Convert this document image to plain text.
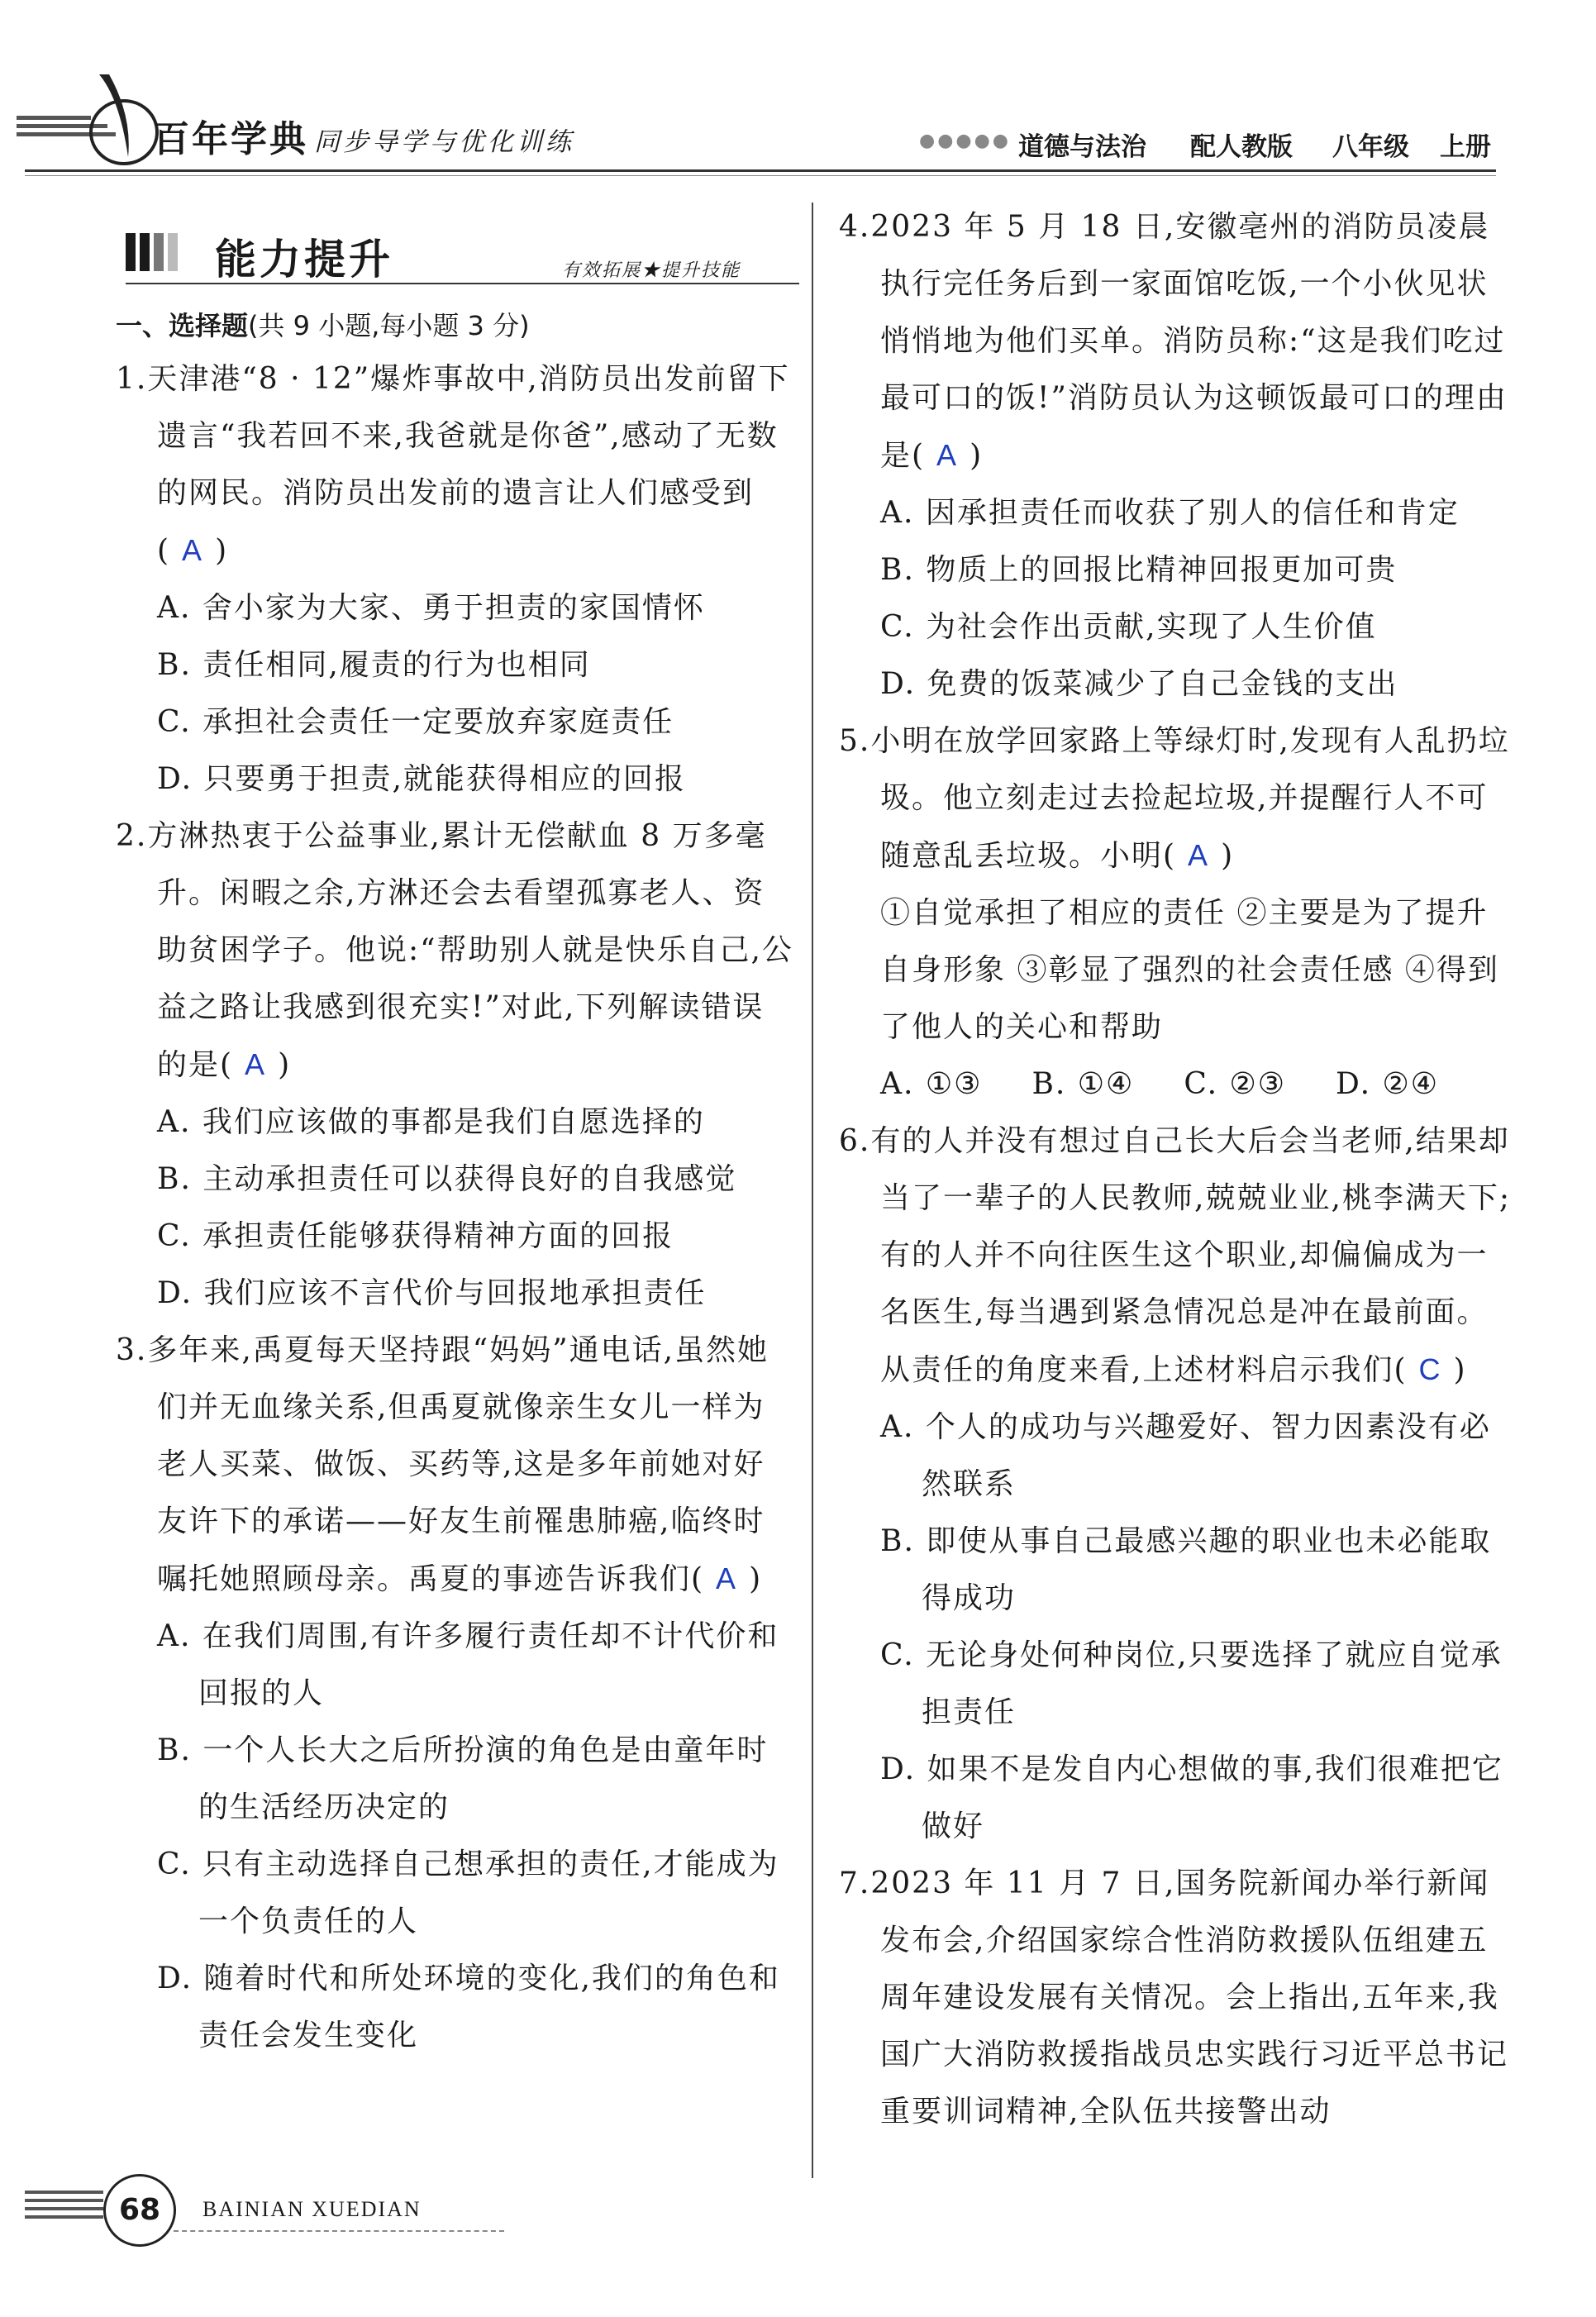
百年学典 同步导学与优化训练	●●●●● 道德与法治 配人教版 八年级 上册
能力提升	有效拓展★提升技能
一、选择题(共 9 小题,每小题 3 分)
1.天津港“8 · 12”爆炸事故中,消防员出发前留下遗言“我若回不来,我爸就是你爸”,感动了无数的网民。消防员出发前的遗言让人们感受到( A )
A. 舍小家为大家、勇于担责的家国情怀
B. 责任相同,履责的行为也相同
C. 承担社会责任一定要放弃家庭责任
D. 只要勇于担责,就能获得相应的回报
2.方淋热衷于公益事业,累计无偿献血 8 万多毫升。闲暇之余,方淋还会去看望孤寡老人、资助贫困学子。他说:“帮助别人就是快乐自己,公益之路让我感到很充实!”对此,下列解读错误的是( A )
A. 我们应该做的事都是我们自愿选择的
B. 主动承担责任可以获得良好的自我感觉
C. 承担责任能够获得精神方面的回报
D. 我们应该不言代价与回报地承担责任
3.多年来,禹夏每天坚持跟“妈妈”通电话,虽然她们并无血缘关系,但禹夏就像亲生女儿一样为老人买菜、做饭、买药等,这是多年前她对好友许下的承诺——好友生前罹患肺癌,临终时嘱托她照顾母亲。禹夏的事迹告诉我们( A )
A. 在我们周围,有许多履行责任却不计代价和回报的人
B. 一个人长大之后所扮演的角色是由童年时的生活经历决定的
C. 只有主动选择自己想承担的责任,才能成为一个负责任的人
D. 随着时代和所处环境的变化,我们的角色和责任会发生变化
4.2023 年 5 月 18 日,安徽亳州的消防员凌晨执行完任务后到一家面馆吃饭,一个小伙见状悄悄地为他们买单。消防员称:“这是我们吃过最可口的饭!”消防员认为这顿饭最可口的理由是( A )
A. 因承担责任而收获了别人的信任和肯定
B. 物质上的回报比精神回报更加可贵
C. 为社会作出贡献,实现了人生价值
D. 免费的饭菜减少了自己金钱的支出
5.小明在放学回家路上等绿灯时,发现有人乱扔垃圾。他立刻走过去捡起垃圾,并提醒行人不可随意乱丢垃圾。小明( A )
①自觉承担了相应的责任 ②主要是为了提升自身形象 ③彰显了强烈的社会责任感 ④得到了他人的关心和帮助
A. ①③ B. ①④ C. ②③ D. ②④
6.有的人并没有想过自己长大后会当老师,结果却当了一辈子的人民教师,兢兢业业,桃李满天下;有的人并不向往医生这个职业,却偏偏成为一名医生,每当遇到紧急情况总是冲在最前面。从责任的角度来看,上述材料启示我们( C )
A. 个人的成功与兴趣爱好、智力因素没有必然联系
B. 即使从事自己最感兴趣的职业也未必能取得成功
C. 无论身处何种岗位,只要选择了就应自觉承担责任
D. 如果不是发自内心想做的事,我们很难把它做好
7.2023 年 11 月 7 日,国务院新闻办举行新闻发布会,介绍国家综合性消防救援队伍组建五周年建设发展有关情况。会上指出,五年来,我国广大消防救援指战员忠实践行习近平总书记重要训词精神,全队伍共接警出动
68	BAINIAN XUEDIAN
